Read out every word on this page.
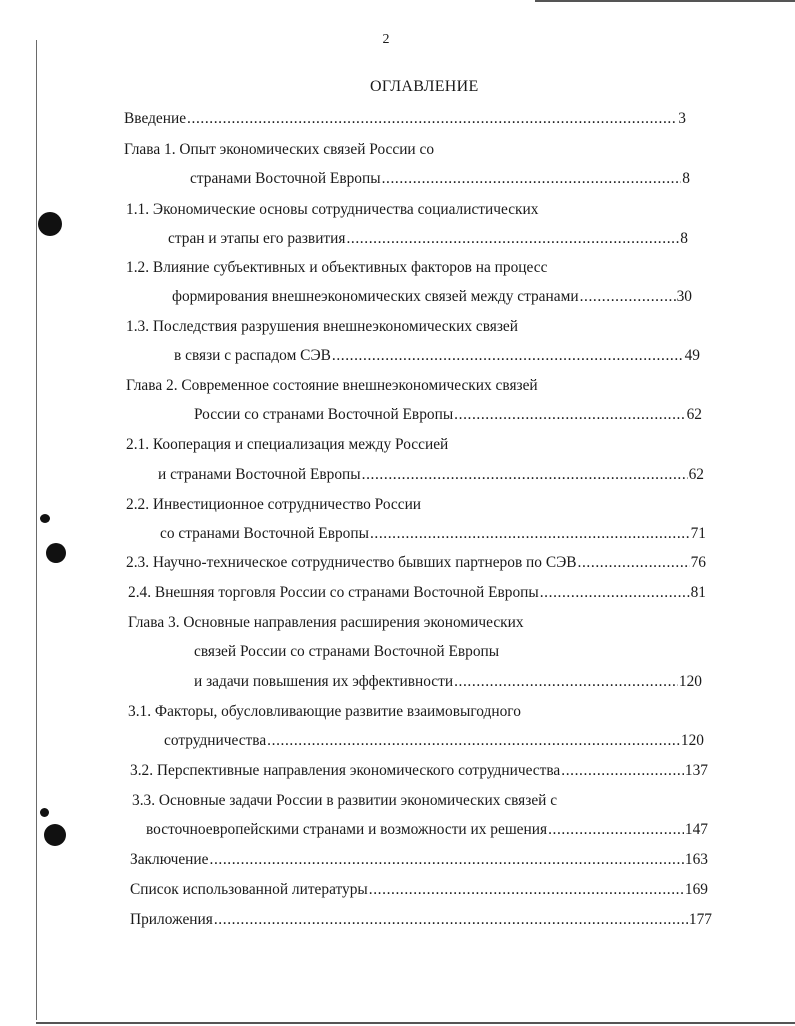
2
ОГЛАВЛЕНИЕ
Введение .....	3
Глава 1. Опыт экономических связей России со
странами Восточной Европы .....	8
1.1. Экономические основы сотрудничества социалистических
стран и этапы его развития .....	8
1.2. Влияние субъективных и объективных факторов на процесс
формирования внешнеэкономических связей между странами .....	30
1.3. Последствия разрушения внешнеэкономических связей
в связи с распадом СЭВ .....	49
Глава 2. Современное состояние внешнеэкономических связей
России со странами Восточной Европы .....	62
2.1. Кооперация и специализация между Россией
и странами Восточной Европы .....	62
2.2. Инвестиционное сотрудничество России
со странами Восточной Европы .....	71
2.3. Научно-техническое сотрудничество бывших партнеров по СЭВ .....	76
2.4. Внешняя торговля России со странами Восточной Европы .....	81
Глава 3. Основные направления расширения экономических
связей России со странами Восточной Европы
и задачи повышения их эффективности .....	120
3.1. Факторы, обусловливающие развитие взаимовыгодного
сотрудничества .....	120
3.2. Перспективные направления экономического сотрудничества .....	137
3.3. Основные задачи России в развитии экономических связей с
восточноевропейскими странами и возможности их решения .....	147
Заключение .....	163
Список использованной литературы .....	169
Приложения .....	177
